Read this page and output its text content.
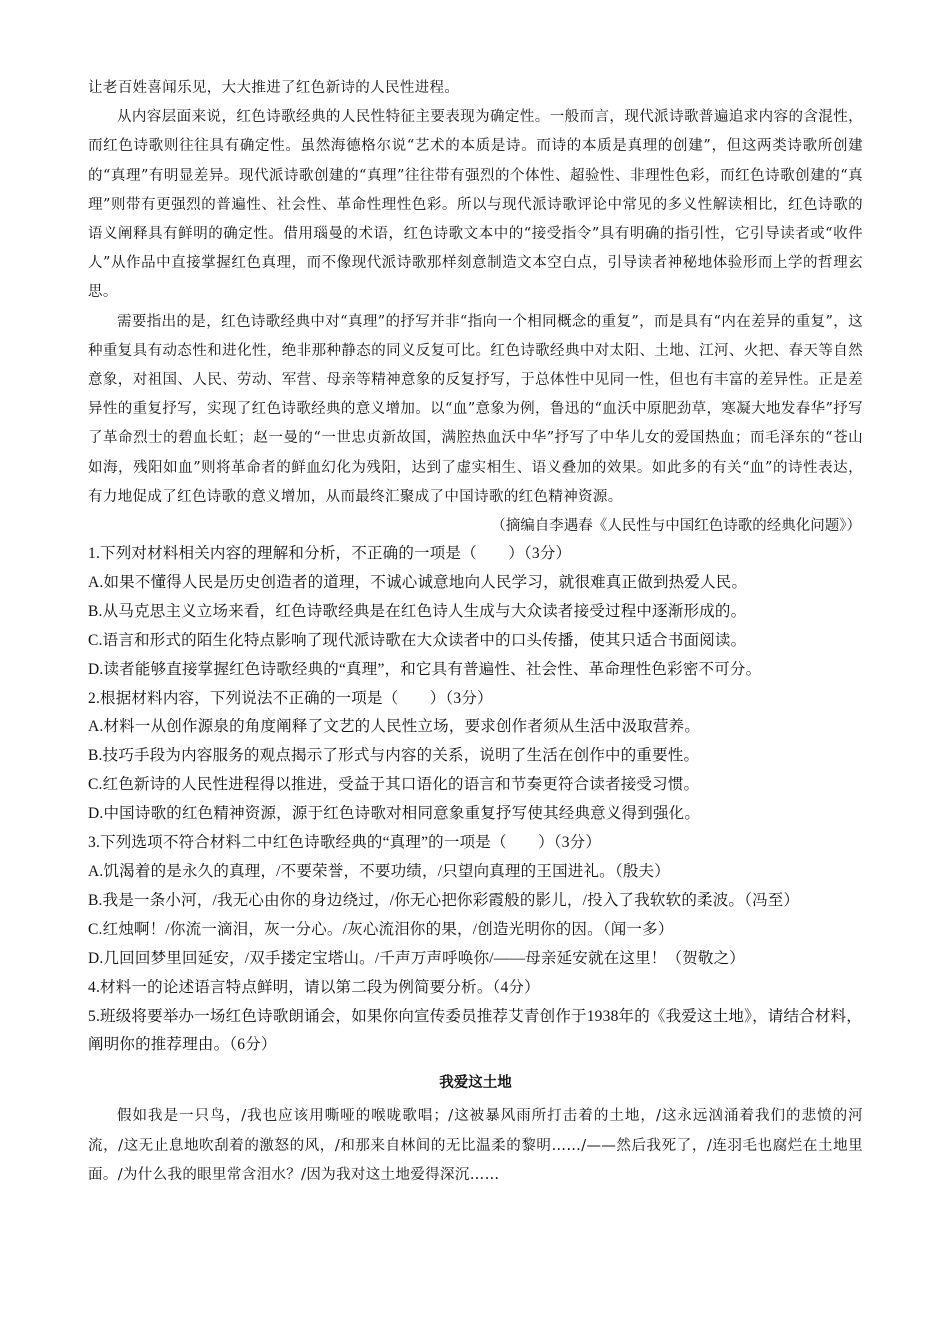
让老百姓喜闻乐见，大大推进了红色新诗的人民性进程。

从内容层面来说，红色诗歌经典的人民性特征主要表现为确定性。一般而言，现代派诗歌普遍追求内容的含混性，而红色诗歌则往往具有确定性。虽然海德格尔说“艺术的本质是诗。而诗的本质是真理的创建”，但这两类诗歌所创建的“真理”有明显差异。现代派诗歌创建的“真理”往往带有强烈的个体性、超验性、非理性色彩，而红色诗歌创建的“真理”则带有更强烈的普遍性、社会性、革命性理性色彩。所以与现代派诗歌评论中常见的多义性解读相比，红色诗歌的语义阐释具有鲜明的确定性。借用瑙曼的术语，红色诗歌文本中的“接受指令”具有明确的指引性，它引导读者或“收件人”从作品中直接掌握红色真理，而不像现代派诗歌那样刻意制造文本空白点，引导读者神秘地体验形而上学的哲理玄思。

需要指出的是，红色诗歌经典中对“真理”的抒写并非“指向一个相同概念的重复”，而是具有“内在差异的重复”，这种重复具有动态性和进化性，绝非那种静态的同义反复可比。红色诗歌经典中对太阳、土地、江河、火把、春天等自然意象，对祖国、人民、劳动、军营、母亲等精神意象的反复抒写，于总体性中见同一性，但也有丰富的差异性。正是差异性的重复抒写，实现了红色诗歌经典的意义增加。以“血”意象为例，鲁迅的“血沃中原肥劲草，寒凝大地发春华”抒写了革命烈士的碧血长虹；赵一曼的“一世忠贞新故国，满腔热血沃中华”抒写了中华儿女的爱国热血；而毛泽东的“苍山如海，残阳如血”则将革命者的鲜血幻化为残阳，达到了虚实相生、语义叠加的效果。如此多的有关“血”的诗性表达，有力地促成了红色诗歌的意义增加，从而最终汇聚成了中国诗歌的红色精神资源。

（摘编自李遇春《人民性与中国红色诗歌的经典化问题》）

1.下列对材料相关内容的理解和分析，不正确的一项是（　　）（3分）

A.如果不懂得人民是历史创造者的道理，不诚心诚意地向人民学习，就很难真正做到热爱人民。

B.从马克思主义立场来看，红色诗歌经典是在红色诗人生成与大众读者接受过程中逐渐形成的。

C.语言和形式的陌生化特点影响了现代派诗歌在大众读者中的口头传播，使其只适合书面阅读。

D.读者能够直接掌握红色诗歌经典的“真理”，和它具有普遍性、社会性、革命理性色彩密不可分。

2.根据材料内容，下列说法不正确的一项是（　　）（3分）

A.材料一从创作源泉的角度阐释了文艺的人民性立场，要求创作者须从生活中汲取营养。

B.技巧手段为内容服务的观点揭示了形式与内容的关系，说明了生活在创作中的重要性。

C.红色新诗的人民性进程得以推进，受益于其口语化的语言和节奏更符合读者接受习惯。

D.中国诗歌的红色精神资源，源于红色诗歌对相同意象重复抒写使其经典意义得到强化。

3.下列选项不符合材料二中红色诗歌经典的“真理”的一项是（　　）（3分）

A.饥渴着的是永久的真理，/不要荣誉，不要功绩，/只望向真理的王国进礼。（殷夫）

B.我是一条小河，/我无心由你的身边绕过，/你无心把你彩霞般的影儿，/投入了我软软的柔波。（冯至）

C.红烛啊！/你流一滴泪，灰一分心。/灰心流泪你的果，/创造光明你的因。（闻一多）

D.几回回梦里回延安，/双手搂定宝塔山。/千声万声呼唤你/——母亲延安就在这里！（贺敬之）

4.材料一的论述语言特点鲜明，请以第二段为例简要分析。（4分）

5.班级将要举办一场红色诗歌朗诵会，如果你向宣传委员推荐艾青创作于1938年的《我爱这土地》，请结合材料，阐明你的推荐理由。（6分）

我爱这土地

假如我是一只鸟，/我也应该用嘶哑的喉咙歌唱；/这被暴风雨所打击着的土地，/这永远汹涌着我们的悲愤的河流，/这无止息地吹刮着的激怒的风，/和那来自林间的无比温柔的黎明……/——然后我死了，/连羽毛也腐烂在土地里面。/为什么我的眼里常含泪水？/因为我对这土地爱得深沉……
